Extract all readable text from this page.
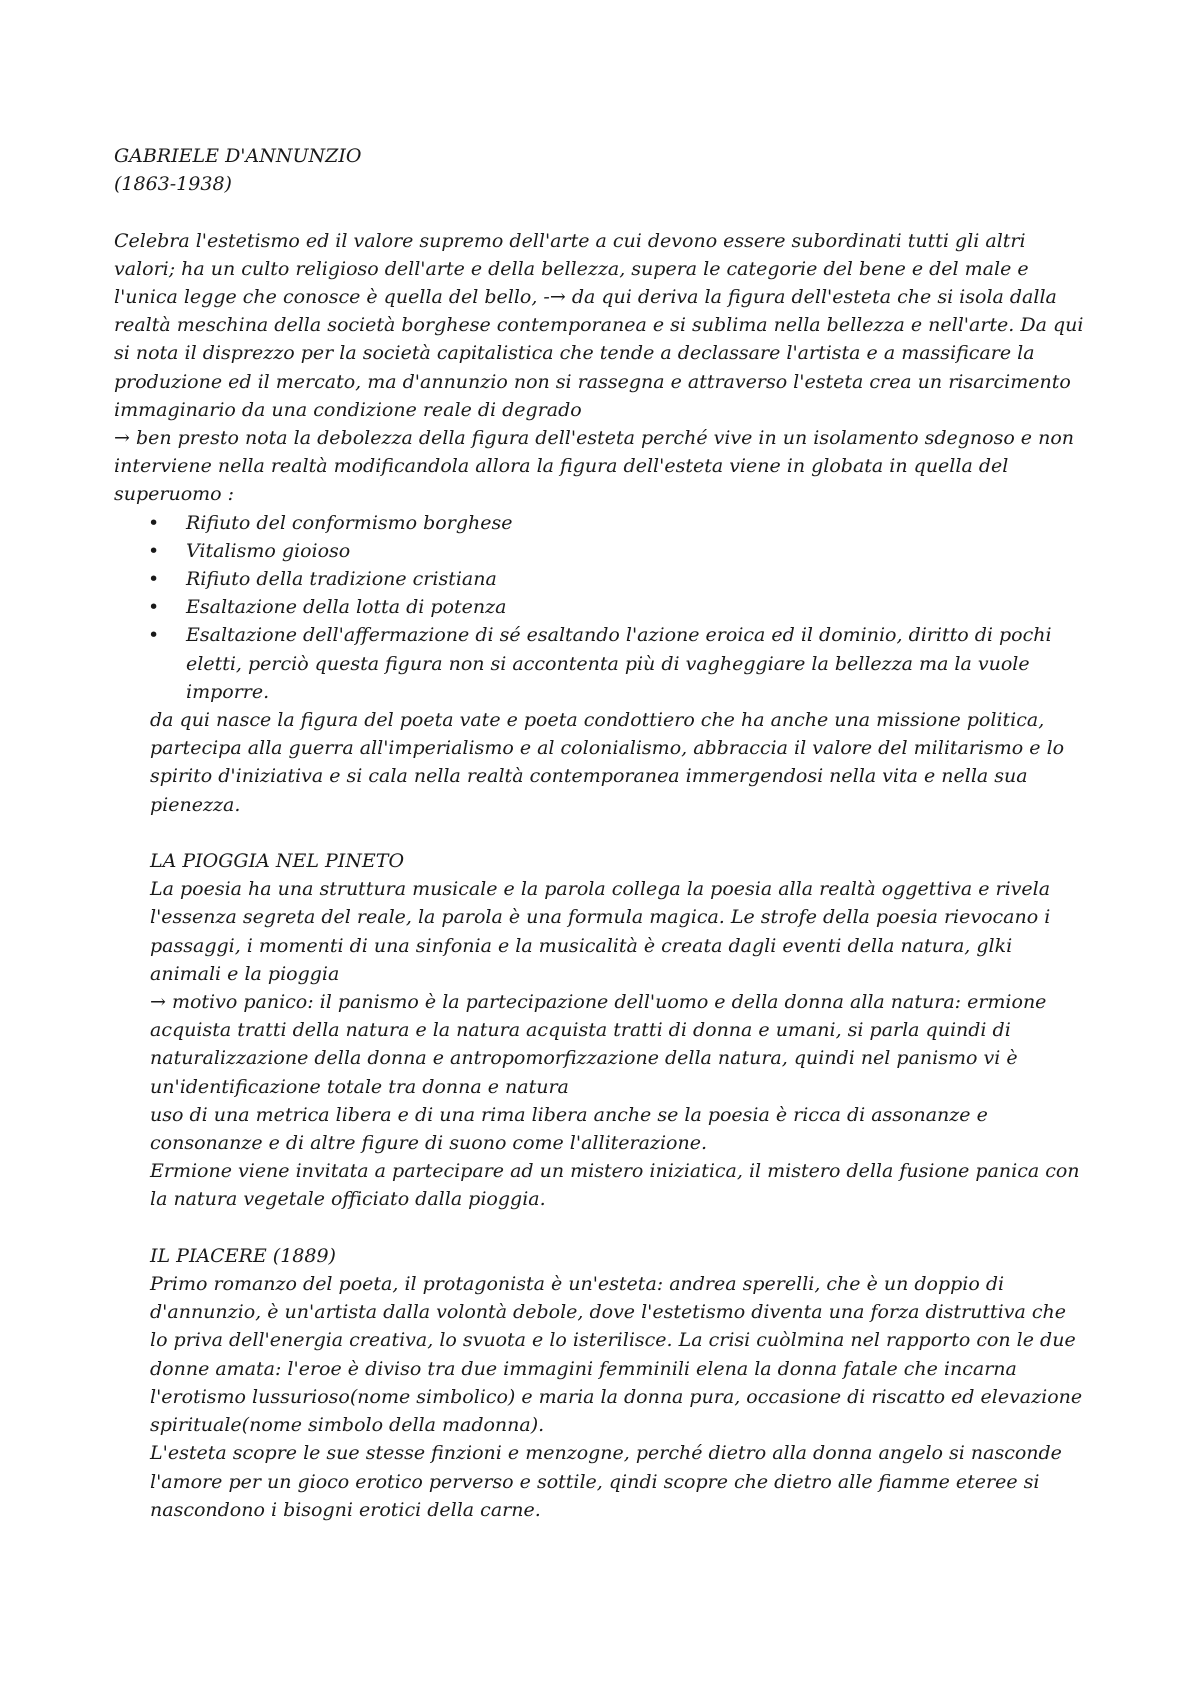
GABRIELE D'ANNUNZIO

(1863-1938)

Celebra l'estetismo ed il valore supremo dell'arte a cui devono essere subordinati tutti gli altri valori; ha un culto religioso dell'arte e della bellezza, supera le categorie del bene e del male e l'unica legge che conosce è quella del bello, -→ da qui deriva la figura dell'esteta che si isola dalla realtà meschina della società borghese contemporanea e si sublima nella bellezza e nell'arte. Da qui si nota il disprezzo per la società capitalistica che tende a declassare l'artista e a massificare la produzione ed il mercato, ma d'annunzio non si rassegna e attraverso l'esteta crea un risarcimento immaginario da una condizione reale di degrado

→ ben presto nota la debolezza della figura dell'esteta perché vive in un isolamento sdegnoso e non interviene nella realtà modificandola allora la figura dell'esteta viene in globata in quella del superuomo :

• Rifiuto del conformismo borghese
• Vitalismo gioioso
• Rifiuto della tradizione cristiana
• Esaltazione della lotta di potenza
• Esaltazione dell'affermazione di sé esaltando l'azione eroica ed il dominio, diritto di pochi eletti, perciò questa figura non si accontenta più di vagheggiare la bellezza ma la vuole imporre.

da qui nasce la figura del poeta vate e poeta condottiero che ha anche una missione politica, partecipa alla guerra all'imperialismo e al colonialismo, abbraccia il valore del militarismo e lo spirito d'iniziativa e si cala nella realtà contemporanea immergendosi nella vita e nella sua pienezza.

LA PIOGGIA NEL PINETO

La poesia ha una struttura musicale e la parola collega la poesia alla realtà oggettiva e rivela l'essenza segreta del reale, la parola è una formula magica. Le strofe della poesia rievocano i passaggi, i momenti di una sinfonia e la musicalità è creata dagli eventi della natura, glki animali e la pioggia

→ motivo panico: il panismo è la partecipazione dell'uomo e della donna alla natura: ermione acquista tratti della natura e la natura acquista tratti di donna e umani, si parla quindi di naturalizzazione della donna e antropomorfizzazione della natura, quindi nel panismo vi è un'identificazione totale tra donna e natura

uso di una metrica libera e di una rima libera anche se la poesia è ricca di assonanze e consonanze e di altre figure di suono come l'alliterazione.

Ermione viene invitata a partecipare ad un mistero iniziatica, il mistero della fusione panica con la natura vegetale officiato dalla pioggia.

IL PIACERE (1889)

Primo romanzo del poeta, il protagonista è un'esteta: andrea sperelli, che è un doppio di d'annunzio, è un'artista dalla volontà debole, dove l'estetismo diventa una forza distruttiva che lo priva dell'energia creativa, lo svuota e lo isterilisce. La crisi cuòlmina nel rapporto con le due donne amata: l'eroe è diviso tra due immagini femminili elena la donna fatale che incarna l'erotismo lussurioso(nome simbolico) e maria la donna pura, occasione di riscatto ed elevazione spirituale(nome simbolo della madonna).

L'esteta scopre le sue stesse finzioni e menzogne, perché dietro alla donna angelo si nasconde l'amore per un gioco erotico perverso e sottile, qindi scopre che dietro alle fiamme eteree si nascondono i bisogni erotici della carne.
